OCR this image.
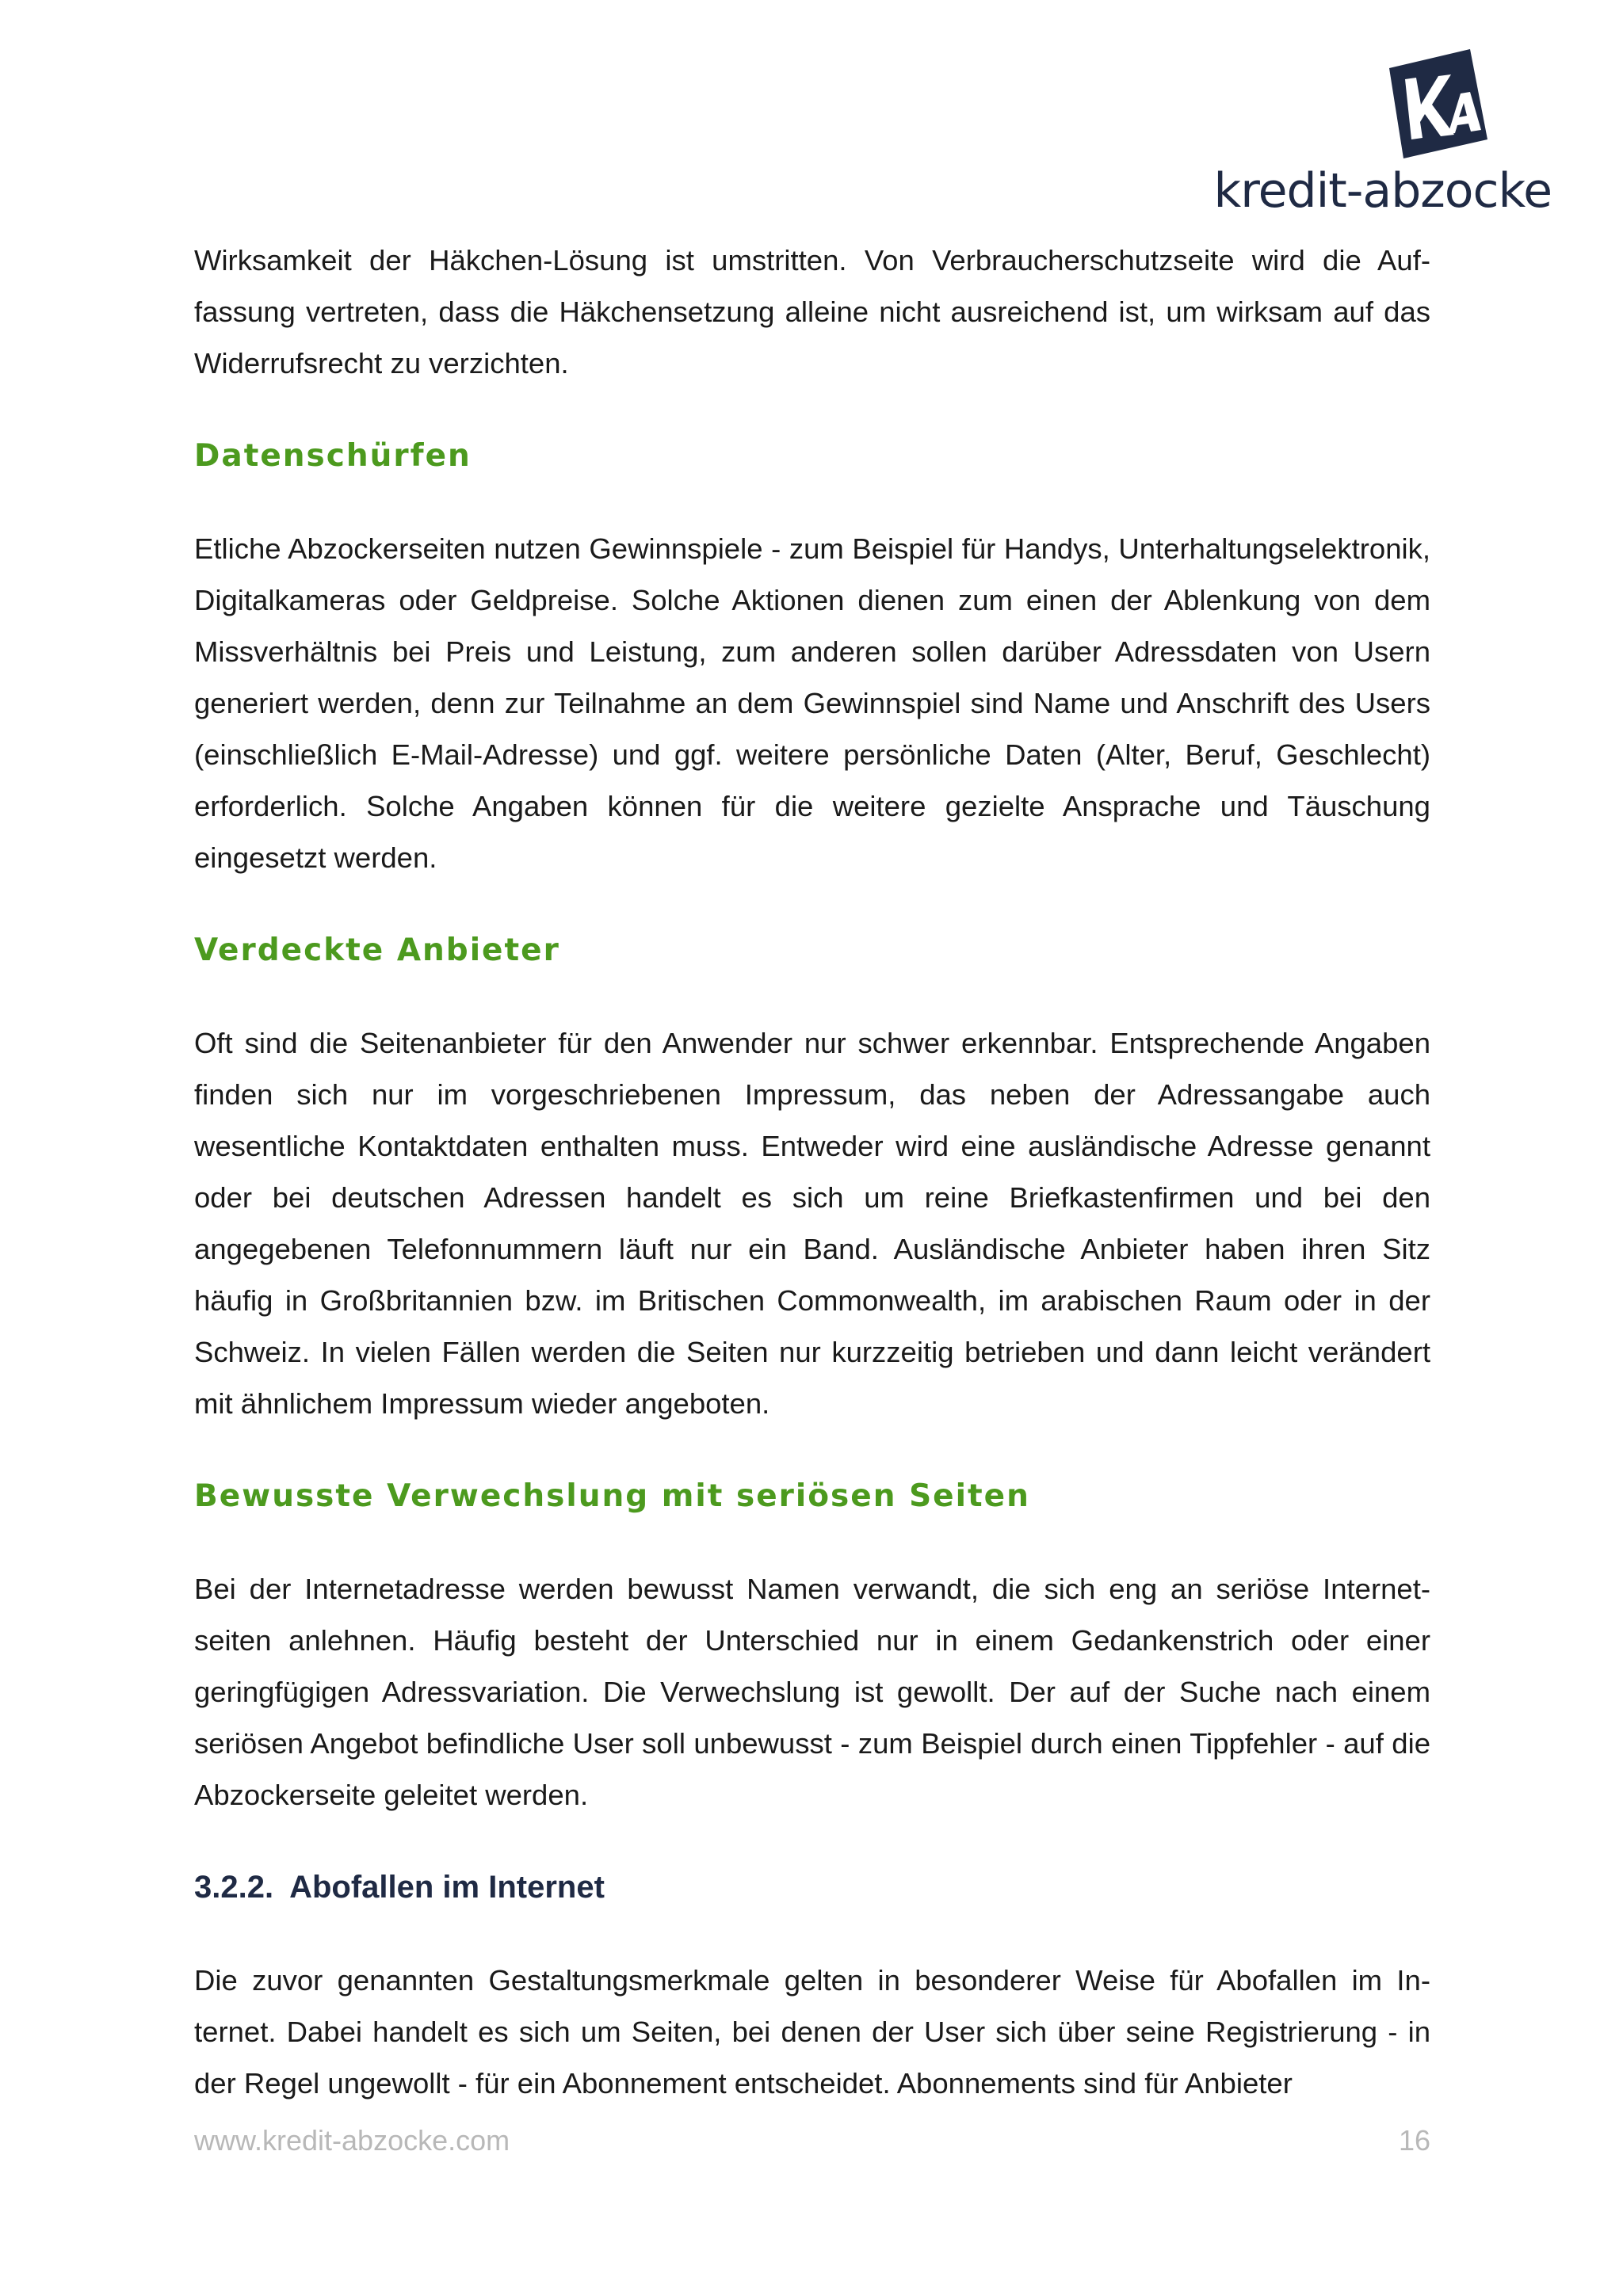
kredit-abzocke

Wirksamkeit der Häkchen-Lösung ist umstritten. Von Verbraucherschutzseite wird die Auffassung vertreten, dass die Häkchensetzung alleine nicht ausreichend ist, um wirksam auf das Widerrufsrecht zu verzichten.

Datenschürfen

Etliche Abzockerseiten nutzen Gewinnspiele - zum Beispiel für Handys, Unterhaltungselektronik, Digitalkameras oder Geldpreise. Solche Aktionen dienen zum einen der Ablenkung von dem Missverhältnis bei Preis und Leistung, zum anderen sollen darüber Adressdaten von Usern generiert werden, denn zur Teilnahme an dem Gewinnspiel sind Name und Anschrift des Users (einschließlich E-Mail-Adresse) und ggf. weitere persönliche Daten (Alter, Beruf, Geschlecht) erforderlich. Solche Angaben können für die weitere gezielte Ansprache und Täuschung eingesetzt werden.

Verdeckte Anbieter

Oft sind die Seitenanbieter für den Anwender nur schwer erkennbar. Entsprechende Angaben finden sich nur im vorgeschriebenen Impressum, das neben der Adressangabe auch wesentliche Kontaktdaten enthalten muss. Entweder wird eine ausländische Adresse genannt oder bei deutschen Adressen handelt es sich um reine Briefkastenfirmen und bei den angegebenen Telefonnummern läuft nur ein Band. Ausländische Anbieter haben ihren Sitz häufig in Großbritannien bzw. im Britischen Commonwealth, im arabischen Raum oder in der Schweiz. In vielen Fällen werden die Seiten nur kurzzeitig betrieben und dann leicht verändert mit ähnlichem Impressum wieder angeboten.

Bewusste Verwechslung mit seriösen Seiten

Bei der Internetadresse werden bewusst Namen verwandt, die sich eng an seriöse Internetseiten anlehnen. Häufig besteht der Unterschied nur in einem Gedankenstrich oder einer geringfügigen Adressvariation. Die Verwechslung ist gewollt. Der auf der Suche nach einem seriösen Angebot befindliche User soll unbewusst - zum Beispiel durch einen Tippfehler - auf die Abzockerseite geleitet werden.

3.2.2. Abofallen im Internet

Die zuvor genannten Gestaltungsmerkmale gelten in besonderer Weise für Abofallen im Internet. Dabei handelt es sich um Seiten, bei denen der User sich über seine Registrierung - in der Regel ungewollt - für ein Abonnement entscheidet. Abonnements sind für Anbieter

www.kredit-abzocke.com	16
